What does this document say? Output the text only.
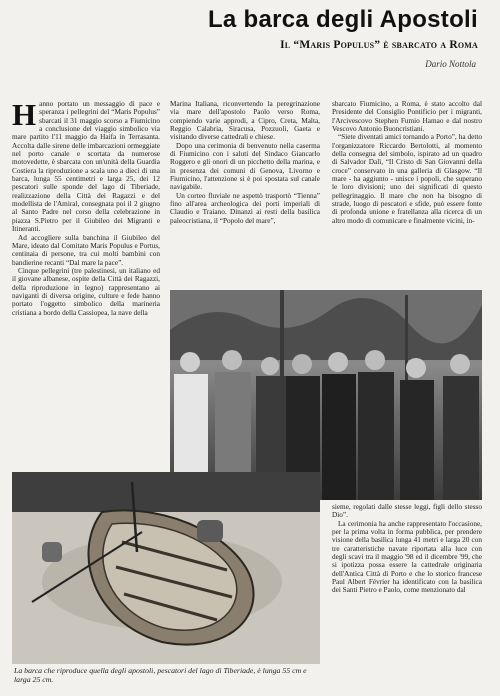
La barca degli Apostoli
Il “Maris Populus” è sbarcato a Roma

Dario Nottola

Hanno portato un messaggio di pace e speranza i pellegrini del “Maris Populus” sbarcati il 31 maggio scorso a Fiumicino a conclusione del viaggio simbolico via mare partito l'11 maggio da Haifa in Terrasanta. Accolta dalle sirene delle imbarcazioni ormeggiate nel porto canale e scortata da numerose motovedette, è sbarcata con un'unità della Guardia Costiera la riproduzione a scala uno a dieci di una barca, lunga 55 centimetri e larga 25, dei 12 pescatori sulle sponde del lago di Tiberiade, realizzazione della Città dei Ragazzi e del modellista de l'Amiral, consegnata poi il 2 giugno al Santo Padre nel corso della celebrazione in piazza S.Pietro per il Giubileo dei Migranti e Itineranti.

Ad accogliere sulla banchina il Giubileo del Mare, ideato dal Comitato Maris Populus e Portus, centinaia di persone, tra cui molti bambini con bandierine recanti “Dal mare la pace”.

Cinque pellegrini (tre palestinesi, un italiano ed il giovane albanese, ospite della Città dei Ragazzi, della riproduzione in legno) rappresentano ai naviganti di diversa origine, culture e fede hanno portato l'oggetto simbolico della marineria cristiana a bordo della Cassiopea, la nave della

Marina Italiana, riconvertendo la peregrinazione via mare dell'apostolo Paolo verso Roma, compiendo varie approdi, a Cipro, Creta, Malta, Reggio Calabria, Siracusa, Pozzuoli, Gaeta e visitando diverse cattedrali e chiese.

Dopo una cerimonia di benvenuto nella caserma di Fiumicino con i saluti del Sindaco Giancarlo Roggero e gli onori di un picchetto della marina, e in presenza dei comuni di Genova, Livorno e Fiumicino, l'attenzione si è poi spostata sul canale navigabile.

Un corteo fluviale ne aspettò trasportò “Tienna” fino all'area archeologica dei porti imperiali di Claudio e Traiano. Dinanzi ai resti della basilica paleocristiana, il “Popolo del mare”,

sbarcato Fiumicino, a Roma, è stato accolto dal Presidente del Consiglio Pontificio per i migranti, l'Arcivescovo Stephen Fumio Hamao e dal nostro Vescovo Antonio Buoncristiani.

“Siete diventati amici tornando a Porto”, ha detto l'organizzatore Riccardo Bertolotti, al momento della consegna del simbolo, ispirato ad un quadro di Salvador Dalì, “Il Cristo di San Giovanni della croce” conservato in una galleria di Glasgow. “Il mare - ha aggiunto - unisce i popoli, che superano le loro divisioni; uno dei significati di questo pellegrinaggio. Il mare che non ha bisogno di strade, luogo di pescatori e sfide, può essere fonte di profonda unione e fratellanza alla ricerca di un altro modo di comunicare e finalmente vicini, in-

sieme, regolati dalle stesse leggi, figli dello stesso Dio”.

La cerimonia ha anche rappresentato l'occasione, per la prima volta in forma pubblica, per prendere visione della basilica lunga 41 metri e larga 20 con tre caratteristiche navate riportata alla luce con degli scavi tra il maggio '98 ed il dicembre '99, che si ipotizza possa essere la cattedrale originaria dell'Antica Città di Porto e che lo storico francese Paul Albert Février ha identificato con la basilica dei Santi Pietro e Paolo, come menzionato dal

La barca che riproduce quella degli apostoli, pescatori del lago di Tiberiade, è lunga 55 cm e larga 25 cm.
